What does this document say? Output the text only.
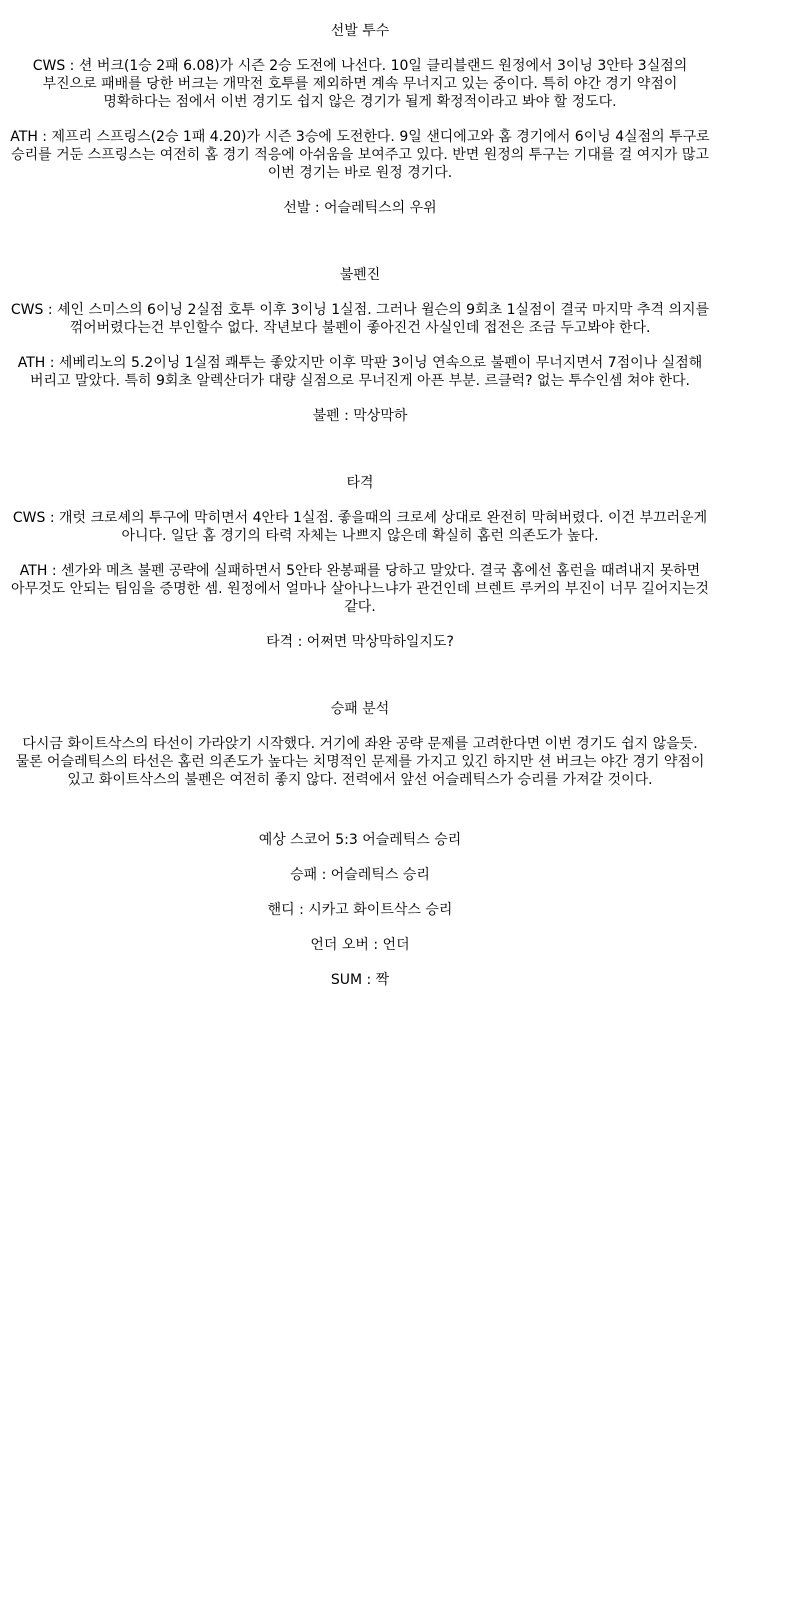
선발 투수

CWS : 션 버크(1승 2패 6.08)가 시즌 2승 도전에 나선다. 10일 클리블랜드 원정에서 3이닝 3안타 3실점의 부진으로 패배를 당한 버크는 개막전 호투를 제외하면 계속 무너지고 있는 중이다. 특히 야간 경기 약점이 명확하다는 점에서 이번 경기도 쉽지 않은 경기가 될게 확정적이라고 봐야 할 정도다.

ATH : 제프리 스프링스(2승 1패 4.20)가 시즌 3승에 도전한다. 9일 샌디에고와 홈 경기에서 6이닝 4실점의 투구로 승리를 거둔 스프링스는 여전히 홈 경기 적응에 아쉬움을 보여주고 있다. 반면 원정의 투구는 기대를 걸 여지가 많고 이번 경기는 바로 원정 경기다.

선발 : 어슬레틱스의 우위

불펜진

CWS : 셰인 스미스의 6이닝 2실점 호투 이후 3이닝 1실점. 그러나 윌슨의 9회초 1실점이 결국 마지막 추격 의지를 꺾어버렸다는건 부인할수 없다. 작년보다 불펜이 좋아진건 사실인데 접전은 조금 두고봐야 한다.

ATH : 세베리노의 5.2이닝 1실점 쾌투는 좋았지만 이후 막판 3이닝 연속으로 불펜이 무너지면서 7점이나 실점해 버리고 말았다. 특히 9회초 알렉산더가 대량 실점으로 무너진게 아픈 부분. 르클럭? 없는 투수인셈 쳐야 한다.

불펜 : 막상막하

타격

CWS : 개럿 크로셰의 투구에 막히면서 4안타 1실점. 좋을때의 크로셰 상대로 완전히 막혀버렸다. 이건 부끄러운게 아니다. 일단 홈 경기의 타력 자체는 나쁘지 않은데 확실히 홈런 의존도가 높다.

ATH : 센가와 메츠 불펜 공략에 실패하면서 5안타 완봉패를 당하고 말았다. 결국 홈에선 홈런을 때려내지 못하면 아무것도 안되는 팀임을 증명한 셈. 원정에서 얼마나 살아나느냐가 관건인데 브렌트 루커의 부진이 너무 길어지는것 같다.

타격 : 어쩌면 막상막하일지도?

승패 분석

다시금 화이트삭스의 타선이 가라앉기 시작했다. 거기에 좌완 공략 문제를 고려한다면 이번 경기도 쉽지 않을듯. 물론 어슬레틱스의 타선은 홈런 의존도가 높다는 치명적인 문제를 가지고 있긴 하지만 션 버크는 야간 경기 약점이 있고 화이트삭스의 불펜은 여전히 좋지 않다. 전력에서 앞선 어슬레틱스가 승리를 가져갈 것이다.

예상 스코어 5:3 어슬레틱스 승리

승패 : 어슬레틱스 승리

핸디 : 시카고 화이트삭스 승리

언더 오버 : 언더

SUM : 짝
